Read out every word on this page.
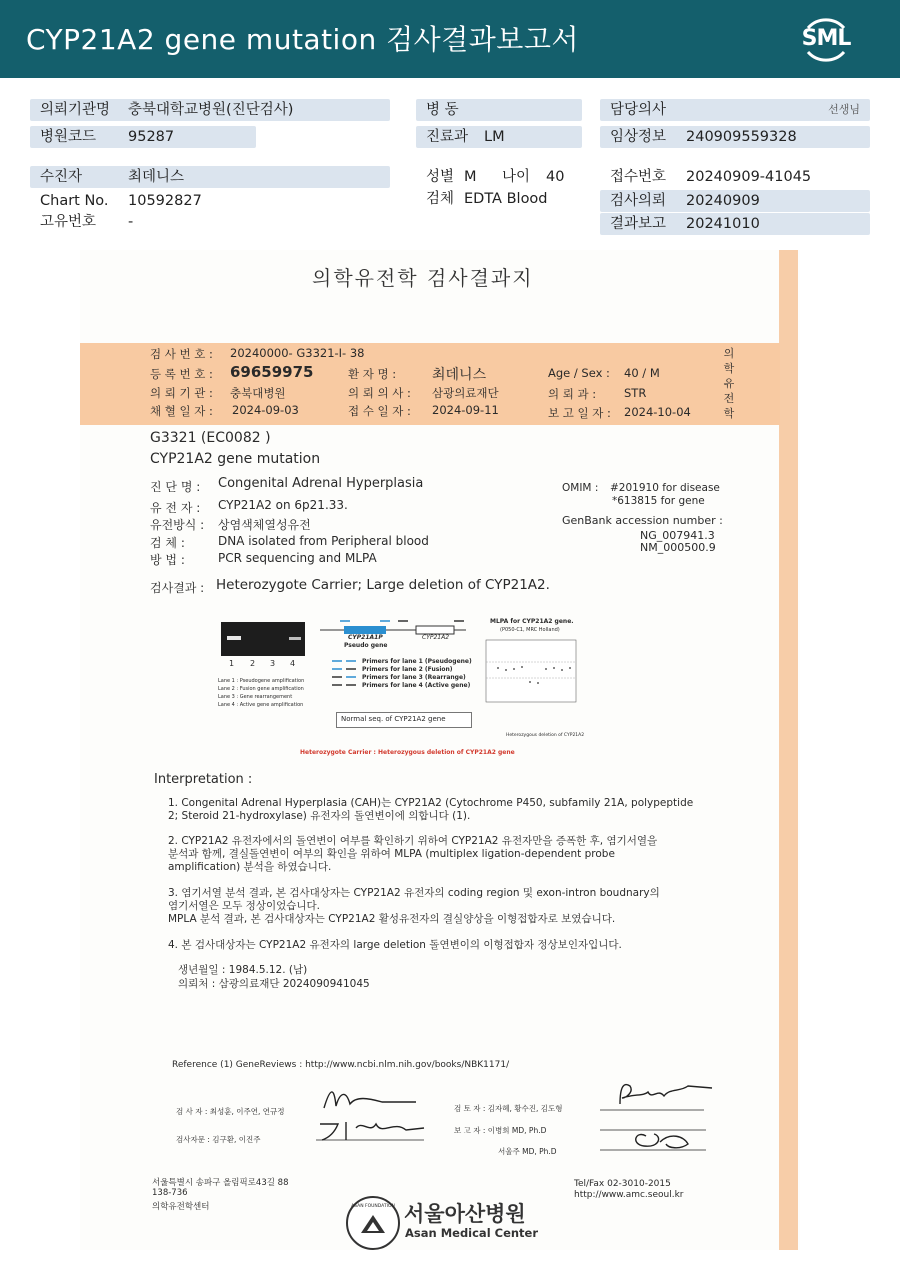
CYP21A2 gene mutation 검사결과보고서	SML
의뢰기관명 충북대학교병원(진단검사)
병원코드 95287
병 동
진료과 LM
담당의사	선생님
임상정보 240909559328
수진자	최데니스
Chart No. 10592827
고유번호 -
성별 M 나이 40
검체 EDTA Blood
접수번호 20240909-41045
검사의뢰 20240909
결과보고 20241010
의학유전학 검사결과지
검 사 번 호 : 20240000- G3321-I- 38
등 록 번 호 : 69659975	환 자 명 :	최데니스	Age / Sex : 40 / M
의 뢰 기 관 : 충북대병원	의 뢰 의 사 : 삼광의료재단	의 뢰 과 : STR
채 혈 일 자 : 2024-09-03	접 수 일 자 : 2024-09-11	보 고 일 자 : 2024-10-04
의학유전학
G3321 (EC0082 )
CYP21A2 gene mutation
진 단 명 : Congenital Adrenal Hyperplasia
유 전 자 : CYP21A2 on 6p21.33.
유전방식 : 상염색체열성유전
검 체 :	DNA isolated from Peripheral blood
방 법 :	PCR sequencing and MLPA
OMIM : #201910 for disease
*613815 for gene
GenBank accession number :
NG_007941.3
NM_000500.9
검사결과 : Heterozygote Carrier; Large deletion of CYP21A2.
1 2 3 4
Lane 1 : Pseudogene amplification
Lane 2 : Fusion gene amplification
Lane 3 : Gene rearrangement
Lane 4 : Active gene amplification
CYP21A1P
Pseudo gene
CYP21A2
Primers for lane 1 (Pseudogene)
Primers for lane 2 (Fusion)
Primers for lane 3 (Rearrange)
Primers for lane 4 (Active gene)
Normal seq. of CYP21A2 gene
MLPA for CYP21A2 gene.
(P050-C1, MRC Holland)
Heterozygous deletion of CYP21A2
Heterozygote Carrier : Heterozygous deletion of CYP21A2 gene
Interpretation :
1. Congenital Adrenal Hyperplasia (CAH)는 CYP21A2 (Cytochrome P450, subfamily 21A, polypeptide
2; Steroid 21-hydroxylase) 유전자의 돌연변이에 의합니다 (1).
2. CYP21A2 유전자에서의 돌연변이 여부를 확인하기 위하여 CYP21A2 유전자만을 증폭한 후, 염기서열을
분석과 함께, 결실돌연변이 여부의 확인을 위하여 MLPA (multiplex ligation-dependent probe
amplification) 분석을 하였습니다.
3. 염기서열 분석 결과, 본 검사대상자는 CYP21A2 유전자의 coding region 및 exon-intron boudnary의
염기서열은 모두 정상이었습니다.
MPLA 분석 결과, 본 검사대상자는 CYP21A2 활성유전자의 결실양상을 이형접합자로 보였습니다.
4. 본 검사대상자는 CYP21A2 유전자의 large deletion 돌연변이의 이형접합자 정상보인자입니다.
생년월일 : 1984.5.12. (남)
의뢰처 : 삼광의료재단 2024090941045
Reference (1) GeneReviews : http://www.ncbi.nlm.nih.gov/books/NBK1171/
검 사 자 : 최성훈, 이주연, 연규정
검사자문 : 김구환, 이진주
검 토 자 : 김자혜, 황수진, 김도형
보 고 자 : 이병희 MD, Ph.D
서울주 MD, Ph.D
서울특별시 송파구 올림픽로43길 88
138-736
의학유전학센터
Tel/Fax 02-3010-2015
http://www.amc.seoul.kr
ASAN FOUNDATION 서울아산병원
Asan Medical Center
